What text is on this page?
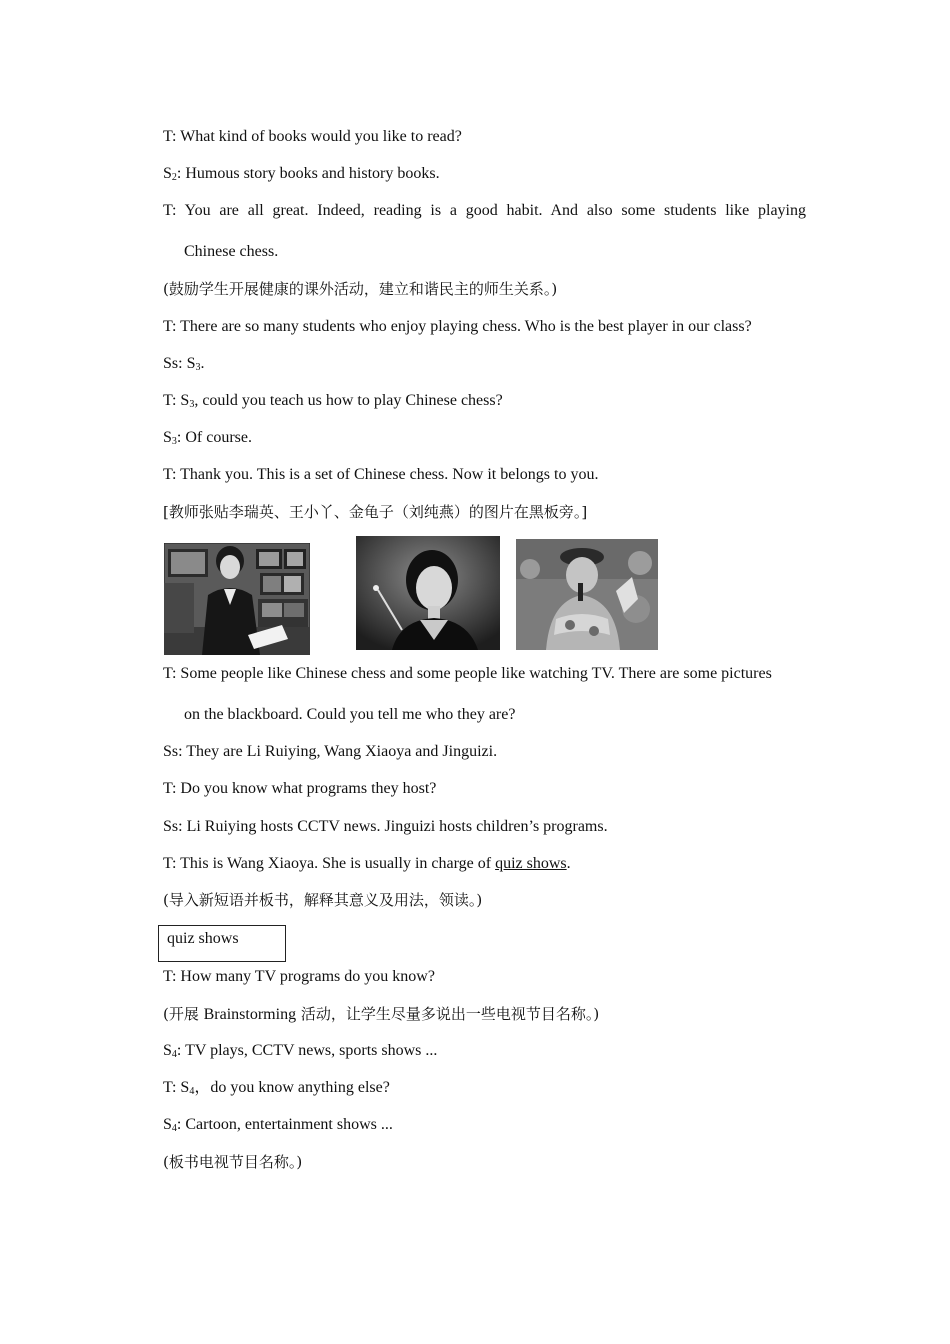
T: What kind of books would you like to read?
$S_2$: Humous story books and history books.
T: You are all great. Indeed, reading is a good habit. And also some students like playing
Chinese chess.
(鼓励学生开展健康的课外活动，建立和谐民主的师生关系。)
T: There are so many students who enjoy playing chess. Who is the best player in our class?
Ss: $S_3$.
T: $S_3$, could you teach us how to play Chinese chess?
$S_3$: Of course.
T: Thank you. This is a set of Chinese chess. Now it belongs to you.
[教师张贴李瑞英、王小丫、金龟子（刘纯燕）的图片在黑板旁。]
T: Some people like Chinese chess and some people like watching TV. There are some pictures
on the blackboard. Could you tell me who they are?
Ss: They are Li Ruiying, Wang Xiaoya and Jinguizi.
T: Do you know what programs they host?
Ss: Li Ruiying hosts CCTV news. Jinguizi hosts children’s programs.
T: This is Wang Xiaoya. She is usually in charge of quiz shows.
(导入新短语并板书，解释其意义及用法，领读。)
quiz shows
T: How many TV programs do you know?
(开展 Brainstorming 活动，让学生尽量多说出一些电视节目名称。)
$S_4$: TV plays, CCTV news, sports shows ...
T: $S_4$，do you know anything else?
$S_4$: Cartoon, entertainment shows ...
(板书电视节目名称。)
